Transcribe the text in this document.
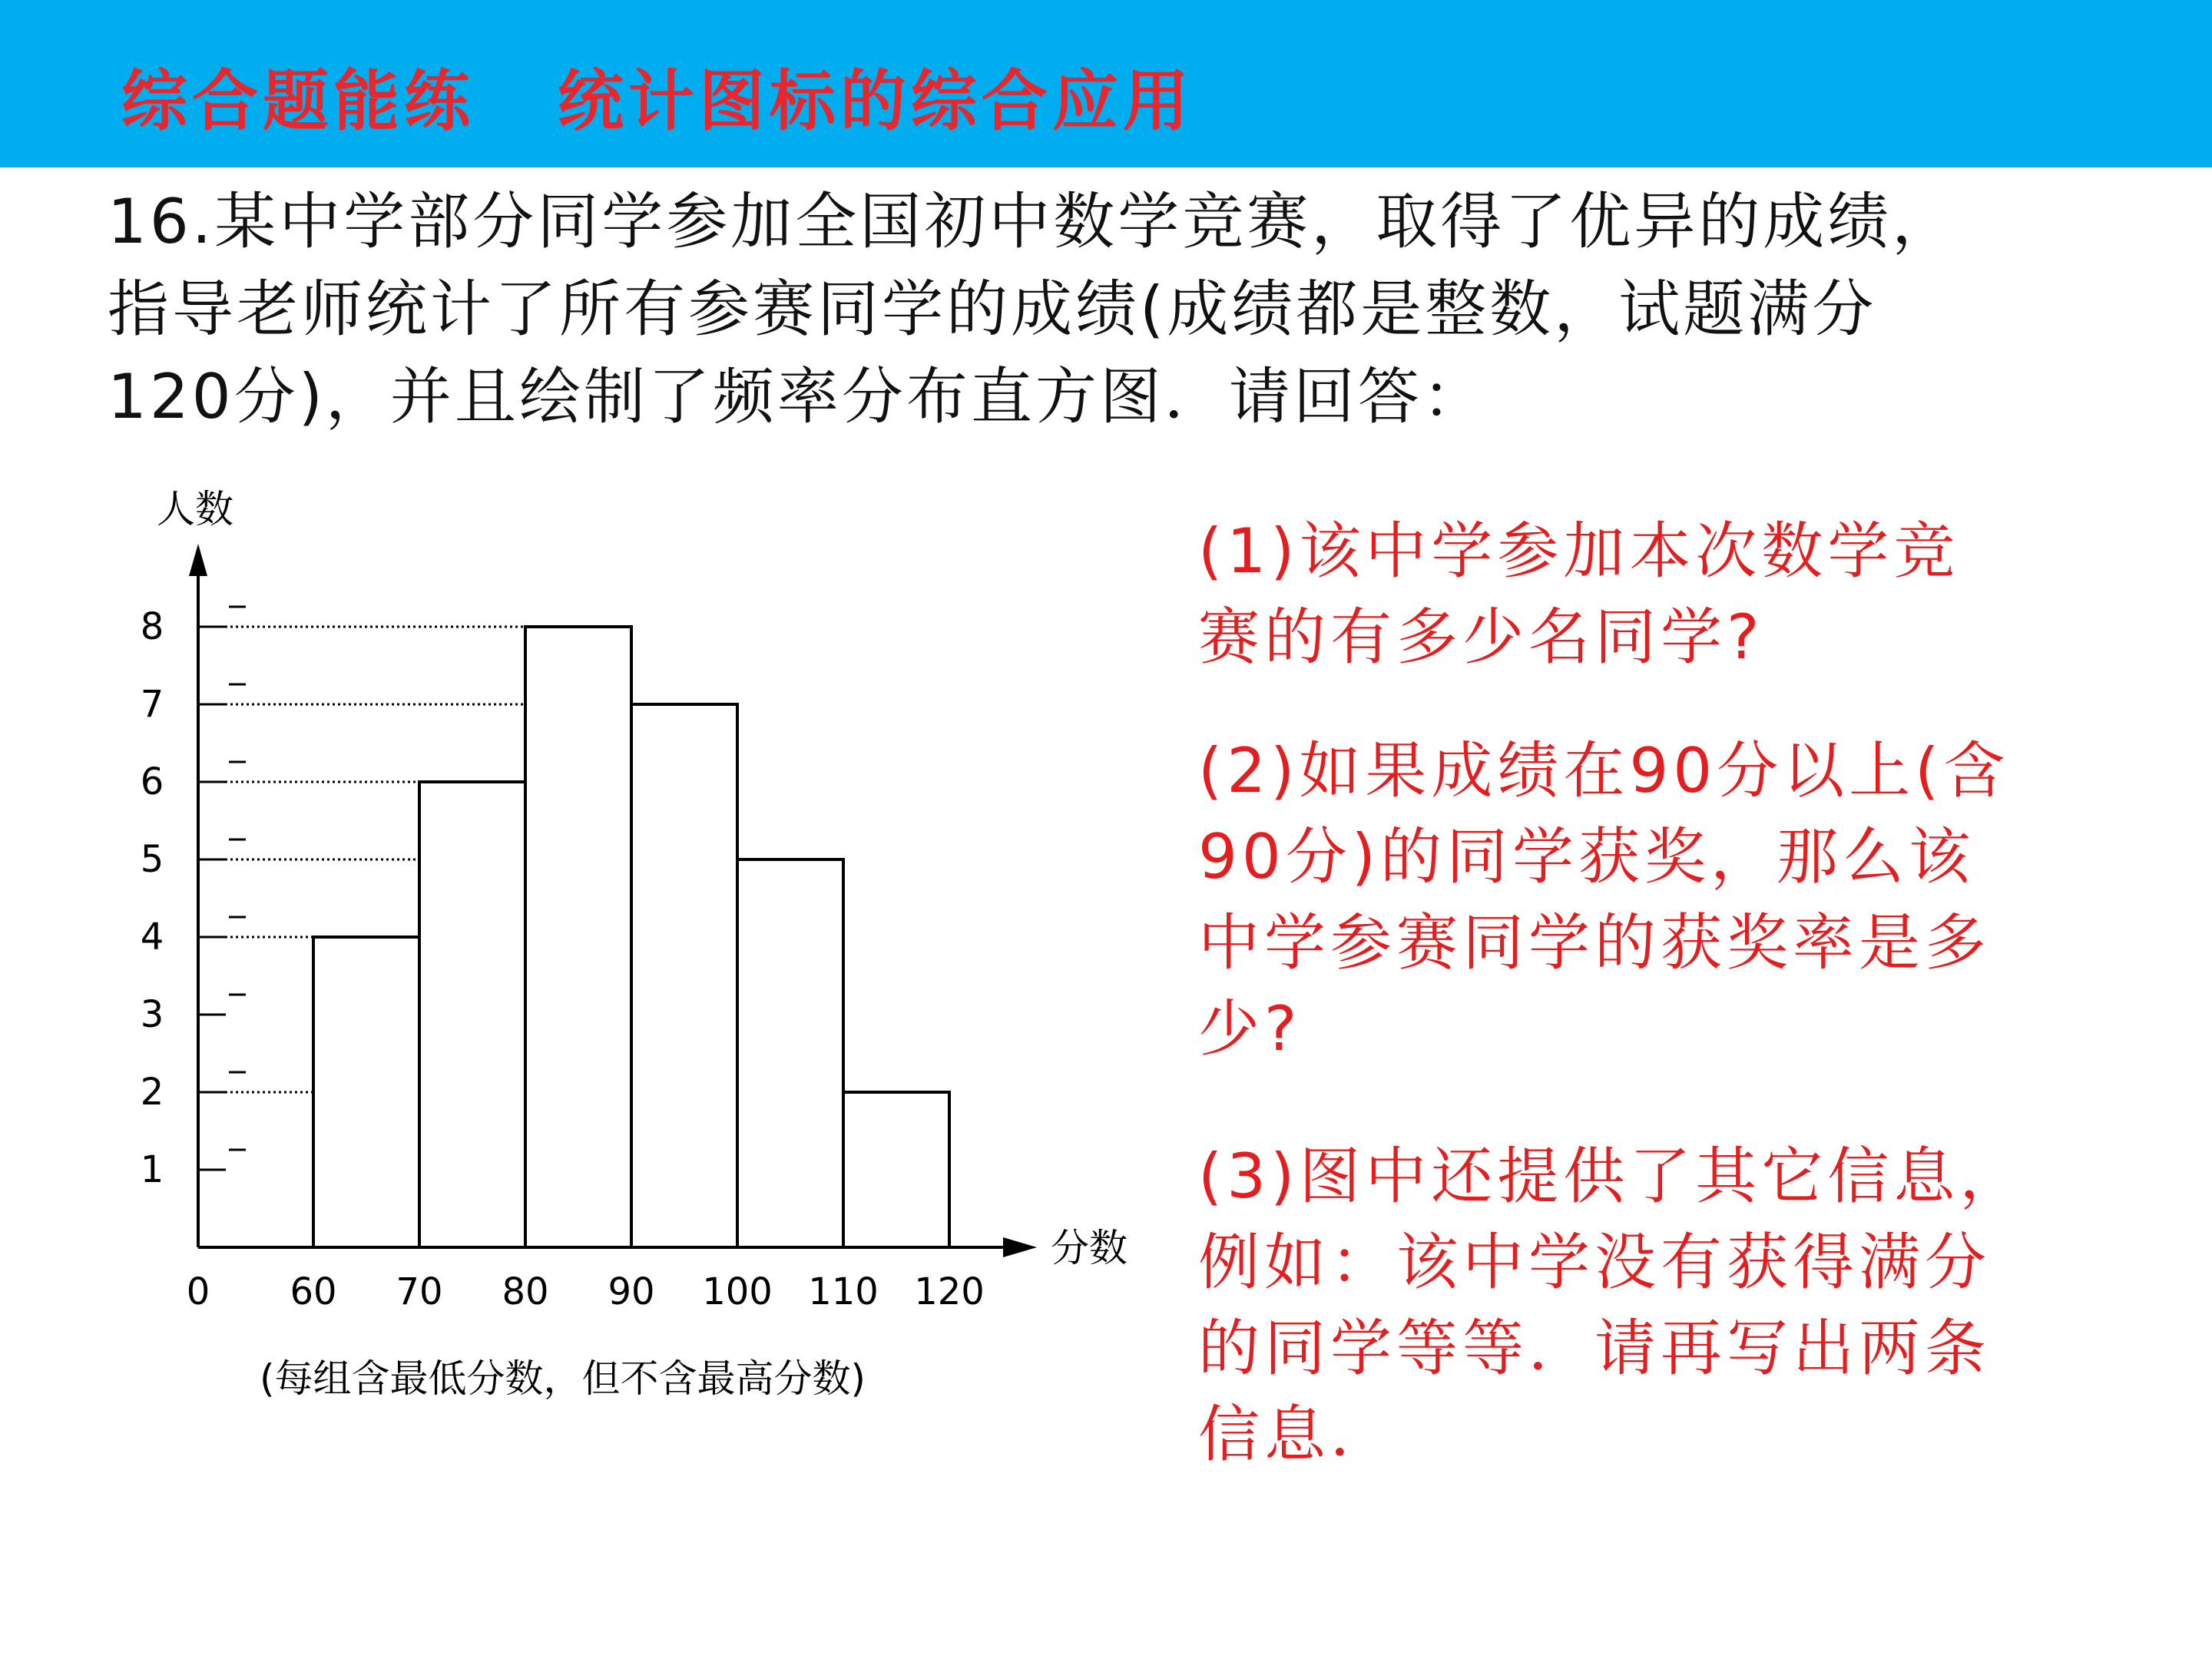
综合题能练   统计图标的综合应用

16.某中学部分同学参加全国初中数学竞赛，取得了优异的成绩，

指导老师统计了所有参赛同学的成绩(成绩都是整数，试题满分

120分)，并且绘制了频率分布直方图．请回答：

1
2
3
4
5
6
7
8
0 60 70 80 90 100 110 120
人数
分数
(每组含最低分数，但不含最高分数)

(1)该中学参加本次数学竞

赛的有多少名同学?

(2)如果成绩在90分以上(含

90分)的同学获奖，那么该

中学参赛同学的获奖率是多

少?

(3)图中还提供了其它信息，

例如：该中学没有获得满分

的同学等等．请再写出两条

信息．
